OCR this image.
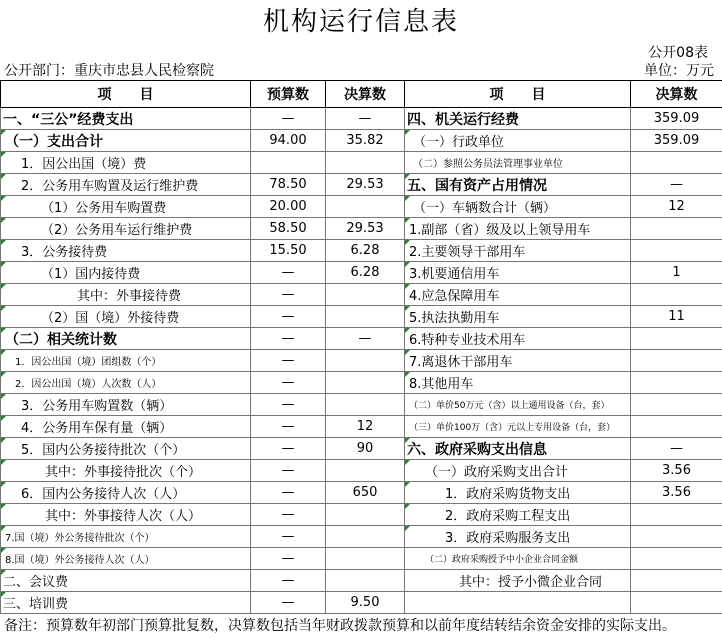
机构运行信息表
公开08表
公开部门：重庆市忠县人民检察院	单位：万元
项　　目	预算数	决算数	项　　目	决算数
一、“三公”经费支出	—	—	四、机关运行经费	359.09
（一）支出合计	94.00	35.82	（一）行政单位	359.09
1．因公出国（境）费			（二）参照公务员法管理事业单位	
2．公务用车购置及运行维护费	78.50	29.53	五、国有资产占用情况	—
（1）公务用车购置费	20.00		（一）车辆数合计（辆）	12
（2）公务用车运行维护费	58.50	29.53	1.副部（省）级及以上领导用车	
3．公务接待费	15.50	6.28	2.主要领导干部用车	
（1）国内接待费	—	6.28	3.机要通信用车	1
其中：外事接待费	—		4.应急保障用车	
（2）国（境）外接待费	—		5.执法执勤用车	11
（二）相关统计数	—	—	6.特种专业技术用车	
1．因公出国（境）团组数（个）	—		7.离退休干部用车	
2．因公出国（境）人次数（人）	—		8.其他用车	
3．公务用车购置数（辆）	—		（二）单价50万元（含）以上通用设备（台，套）	
4．公务用车保有量（辆）	—	12	（三）单价100万（含）元以上专用设备（台，套）	
5．国内公务接待批次（个）	—	90	六、政府采购支出信息	—
其中：外事接待批次（个）	—		（一）政府采购支出合计	3.56
6．国内公务接待人次（人）	—	650	1．政府采购货物支出	3.56
其中：外事接待人次（人）	—		2．政府采购工程支出	
7.国（境）外公务接待批次（个）	—		3．政府采购服务支出	
8.国（境）外公务接待人次（人）	—		（二）政府采购授予中小企业合同金额	
二、会议费	—		其中：授予小微企业合同	
三、培训费	—	9.50		
备注：预算数年初部门预算批复数，决算数包括当年财政拨款预算和以前年度结转结余资金安排的实际支出。
